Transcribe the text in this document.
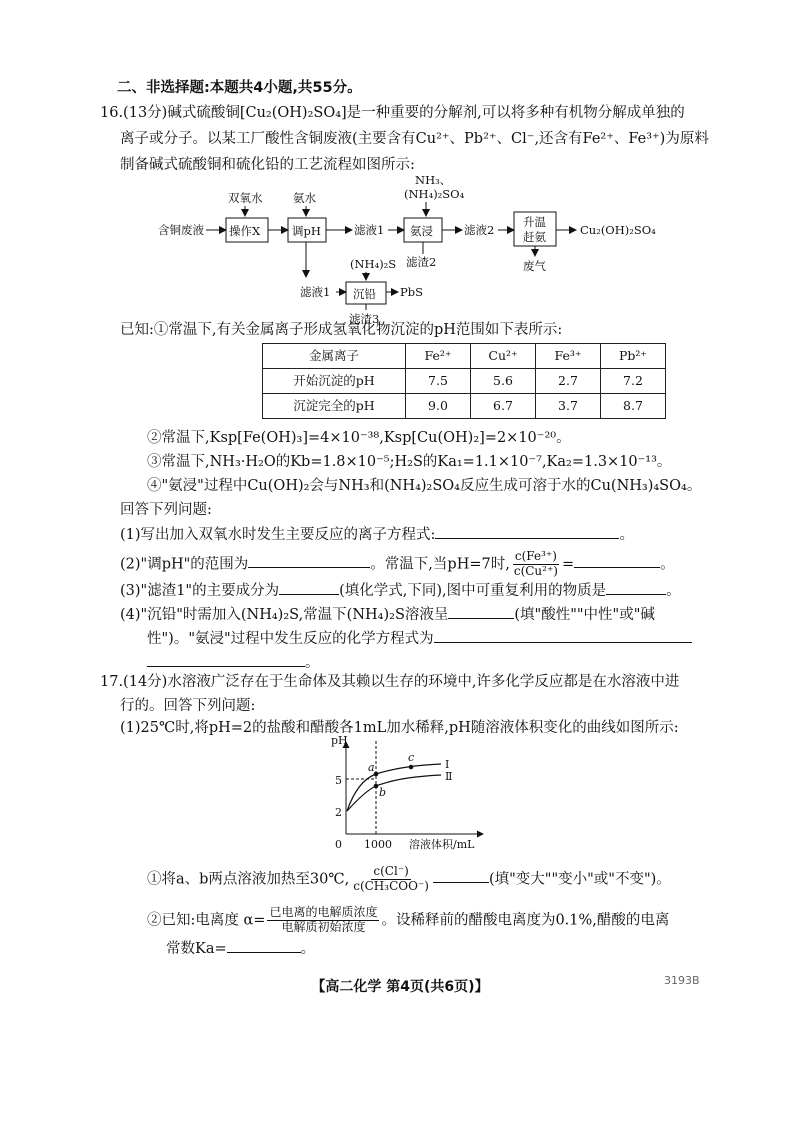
二、非选择题:本题共4小题,共55分。
16.(13分)碱式硫酸铜[Cu₂(OH)₂SO₄]是一种重要的分解剂,可以将多种有机物分解成单独的
离子或分子。以某工厂酸性含铜废液(主要含有Cu²⁺、Pb²⁺、Cl⁻,还含有Fe²⁺、Fe³⁺)为原料
制备碱式硫酸铜和硫化铅的工艺流程如图所示:
含铜废液
双氧水
操作X
氨水
调pH	滤液1
NH₃、
(NH₄)₂SO₄
氨浸
滤渣2
滤液2
升温
赶氨
废气
Cu₂(OH)₂SO₄
(NH₄)₂S
滤液1 沉铅 PbS
滤渣3
已知:①常温下,有关金属离子形成氢氧化物沉淀的pH范围如下表所示:
金属离子	Fe²⁺	Cu²⁺	Fe³⁺	Pb²⁺
开始沉淀的pH	7.5	5.6	2.7	7.2
沉淀完全的pH	9.0	6.7	3.7	8.7
②常温下,Ksp[Fe(OH)₃]=4×10⁻³⁸,Ksp[Cu(OH)₂]=2×10⁻²⁰。
③常温下,NH₃·H₂O的Kb=1.8×10⁻⁵;H₂S的Ka₁=1.1×10⁻⁷,Ka₂=1.3×10⁻¹³。
④"氨浸"过程中Cu(OH)₂会与NH₃和(NH₄)₂SO₄反应生成可溶于水的Cu(NH₃)₄SO₄。
回答下列问题:
(1)写出加入双氧水时发生主要反应的离子方程式:	。
(2)"调pH"的范围为	。常温下,当pH=7时, $\frac{\text{c(Fe³⁺)}}{\text{c(Cu²⁺)}}$ =	。
(3)"滤渣1"的主要成分为	(填化学式,下同),图中可重复利用的物质是	。
(4)"沉铅"时需加入(NH₄)₂S,常温下(NH₄)₂S溶液呈	(填"酸性""中性"或"碱
性")。"氨浸"过程中发生反应的化学方程式为
。
17.(14分)水溶液广泛存在于生命体及其赖以生存的环境中,许多化学反应都是在水溶液中进
行的。回答下列问题:
(1)25℃时,将pH=2的盐酸和醋酸各1mL加水稀释,pH随溶液体积变化的曲线如图所示:
pH
0
5
2
1000 溶液体积/mL
a
b
c
Ⅰ
Ⅱ
①将a、b两点溶液加热至30℃, $\frac{c(Cl^-)}{\text{c(CH₃COO⁻)}}$	(填"变大""变小"或"不变")。
②已知:电离度 $\alpha= \frac{\text{已电离的电解质浓度}}{\text{电解质初始浓度}}$ 。设稀释前的醋酸电离度为0.1%,醋酸的电离
常数Ka=	。
【高二化学 第4页(共6页)】	3193B
